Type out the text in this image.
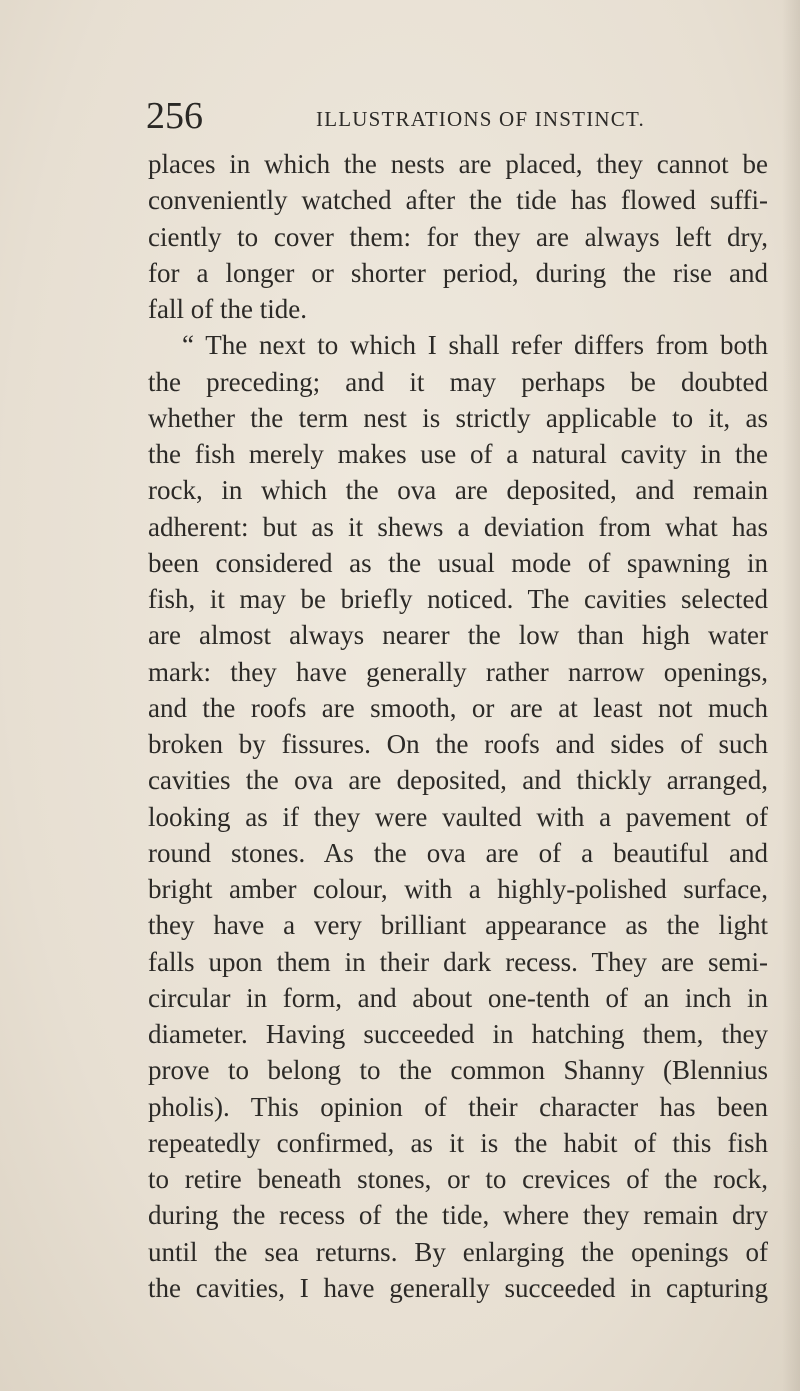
256	ILLUSTRATIONS OF INSTINCT.
places in which the nests are placed, they cannot be
conveniently watched after the tide has flowed suffi-
ciently to cover them: for they are always left dry,
for a longer or shorter period, during the rise and
fall of the tide.
“ The next to which I shall refer differs from both
the preceding; and it may perhaps be doubted
whether the term nest is strictly applicable to it, as
the fish merely makes use of a natural cavity in the
rock, in which the ova are deposited, and remain
adherent: but as it shews a deviation from what has
been considered as the usual mode of spawning in
fish, it may be briefly noticed. The cavities selected
are almost always nearer the low than high water
mark: they have generally rather narrow openings,
and the roofs are smooth, or are at least not much
broken by fissures. On the roofs and sides of such
cavities the ova are deposited, and thickly arranged,
looking as if they were vaulted with a pavement of
round stones. As the ova are of a beautiful and
bright amber colour, with a highly-polished surface,
they have a very brilliant appearance as the light
falls upon them in their dark recess. They are semi-
circular in form, and about one-tenth of an inch in
diameter. Having succeeded in hatching them, they
prove to belong to the common Shanny (Blennius
pholis). This opinion of their character has been
repeatedly confirmed, as it is the habit of this fish
to retire beneath stones, or to crevices of the rock,
during the recess of the tide, where they remain dry
until the sea returns. By enlarging the openings of
the cavities, I have generally succeeded in capturing
